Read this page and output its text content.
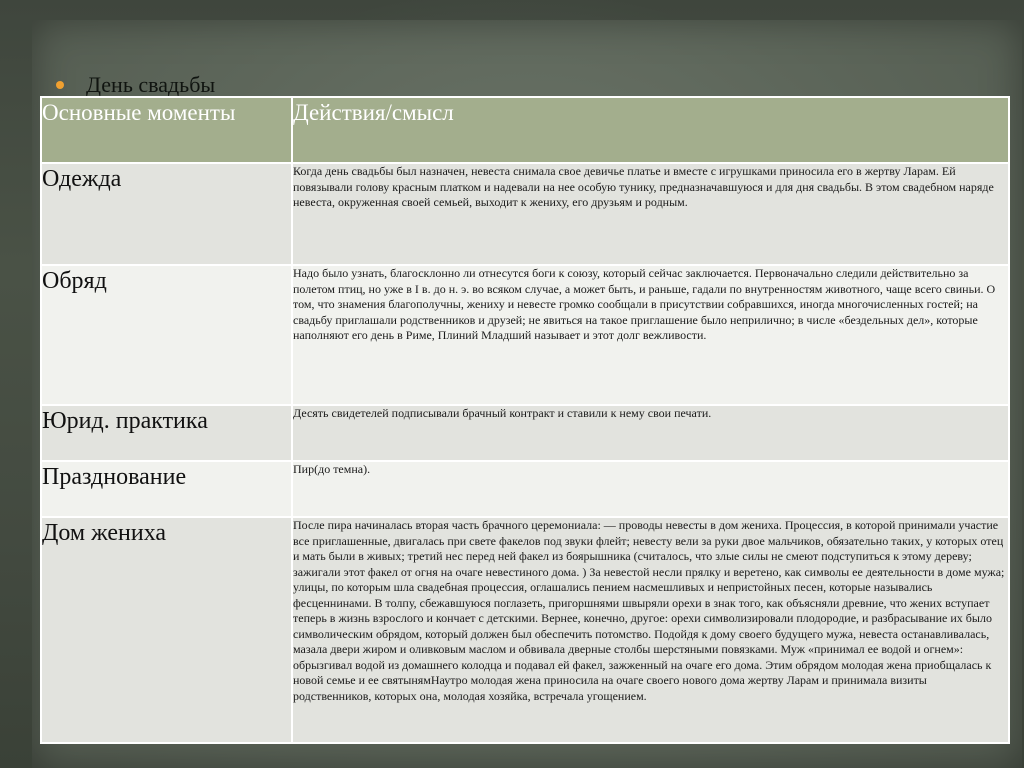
День свадьбы
Основные моменты	Действия/смысл
Одежда	Когда день свадьбы был назначен, невеста снимала свое девичье платье и вместе с игрушками приносила его в жертву Ларам. Ей повязывали голову красным платком и надевали на нее особую тунику, предназначавшуюся и для дня свадьбы. В этом свадебном наряде невеста, окруженная своей семьей, выходит к жениху, его друзьям и родным.
Обряд	Надо было узнать, благосклонно ли отнесутся боги к союзу, который сейчас заключается. Первоначально следили действительно за полетом птиц, но уже в I в. до н. э. во всяком случае, а может быть, и раньше, гадали по внутренностям животного, чаще всего свиньи. О том, что знамения благополучны, жениху и невесте громко сообщали в присутствии собравшихся, иногда многочисленных гостей; на свадьбу приглашали родственников и друзей; не явиться на такое приглашение было неприлично; в числе «бездельных дел», которые наполняют его день в Риме, Плиний Младший называет и этот долг вежливости.
Юрид. практика	Десять свидетелей подписывали брачный контракт и ставили к нему свои печати.
Празднование	Пир(до темна).
Дом жениха	После пира начиналась вторая часть брачного церемониала: — проводы невесты в дом жениха. Процессия, в которой принимали участие все приглашенные, двигалась при свете факелов под звуки флейт; невесту вели за руки двое мальчиков, обязательно таких, у которых отец и мать были в живых; третий нес перед ней факел из боярышника (считалось, что злые силы не смеют подступиться к этому дереву; зажигали этот факел от огня на очаге невестиного дома. ) За невестой несли прялку и веретено, как символы ее деятельности в доме мужа; улицы, по которым шла свадебная процессия, оглашались пением насмешливых и непристойных песен, которые назывались фесценнинами. В толпу, сбежавшуюся поглазеть, пригоршнями швыряли орехи в знак того, как объясняли древние, что жених вступает теперь в жизнь взрослого и кончает с детскими. Вернее, конечно, другое: орехи символизировали плодородие, и разбрасывание их было символическим обрядом, который должен был обеспечить потомство. Подойдя к дому своего будущего мужа, невеста останавливалась, мазала двери жиром и оливковым маслом и обвивала дверные столбы шерстяными повязками. Муж «принимал ее водой и огнем»: обрызгивал водой из домашнего колодца и подавал ей факел, зажженный на очаге его дома. Этим обрядом молодая жена приобщалась к новой семье и ее святынямНаутро молодая жена приносила на очаге своего нового дома жертву Ларам и принимала визиты родственников, которых она, молодая хозяйка, встречала угощением.
